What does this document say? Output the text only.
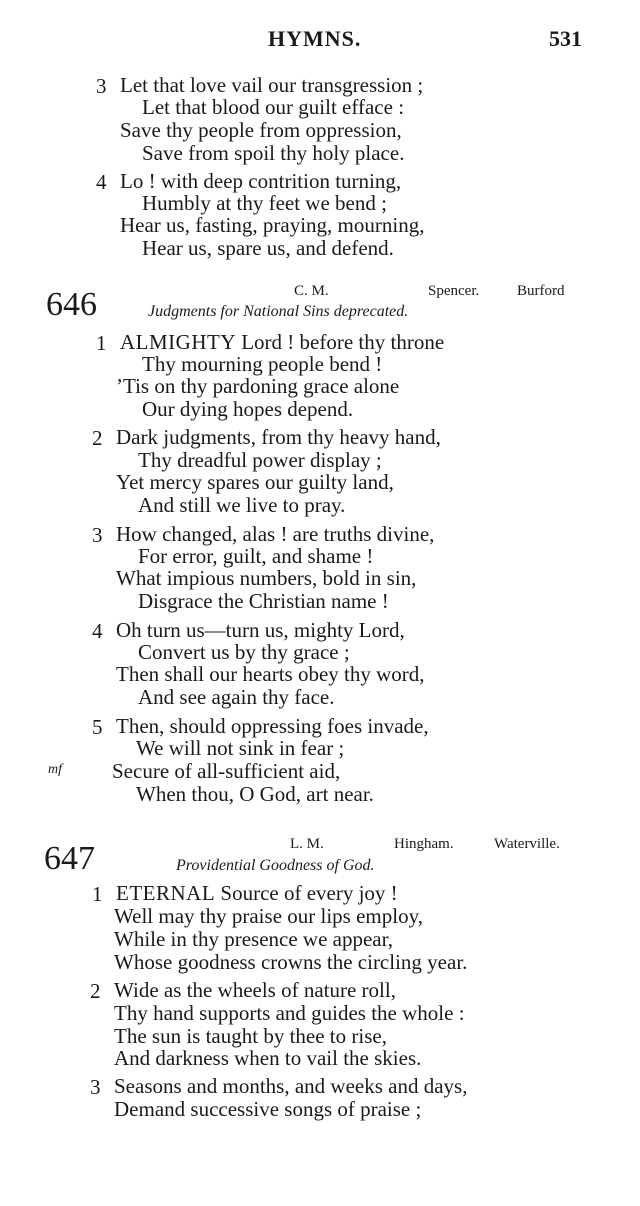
HYMNS.	531
3 Let that love vail our transgression ;
Let that blood our guilt efface :
Save thy people from oppression,
Save from spoil thy holy place.
4 Lo ! with deep contrition turning,
Humbly at thy feet we bend ;
Hear us, fasting, praying, mourning,
Hear us, spare us, and defend.
646	C. M.	Spencer.	Burford
Judgments for National Sins deprecated.
1 ALMIGHTY Lord ! before thy throne
Thy mourning people bend !
’Tis on thy pardoning grace alone
Our dying hopes depend.
2 Dark judgments, from thy heavy hand,
Thy dreadful power display ;
Yet mercy spares our guilty land,
And still we live to pray.
3 How changed, alas ! are truths divine,
For error, guilt, and shame !
What impious numbers, bold in sin,
Disgrace the Christian name !
4 Oh turn us—turn us, mighty Lord,
Convert us by thy grace ;
Then shall our hearts obey thy word,
And see again thy face.
5 Then, should oppressing foes invade,
We will not sink in fear ;
mf Secure of all-sufficient aid,
When thou, O God, art near.
647	L. M.	Hingham.	Waterville.
Providential Goodness of God.
1 ETERNAL Source of every joy !
Well may thy praise our lips employ,
While in thy presence we appear,
Whose goodness crowns the circling year.
2 Wide as the wheels of nature roll,
Thy hand supports and guides the whole :
The sun is taught by thee to rise,
And darkness when to vail the skies.
3 Seasons and months, and weeks and days,
Demand successive songs of praise ;
